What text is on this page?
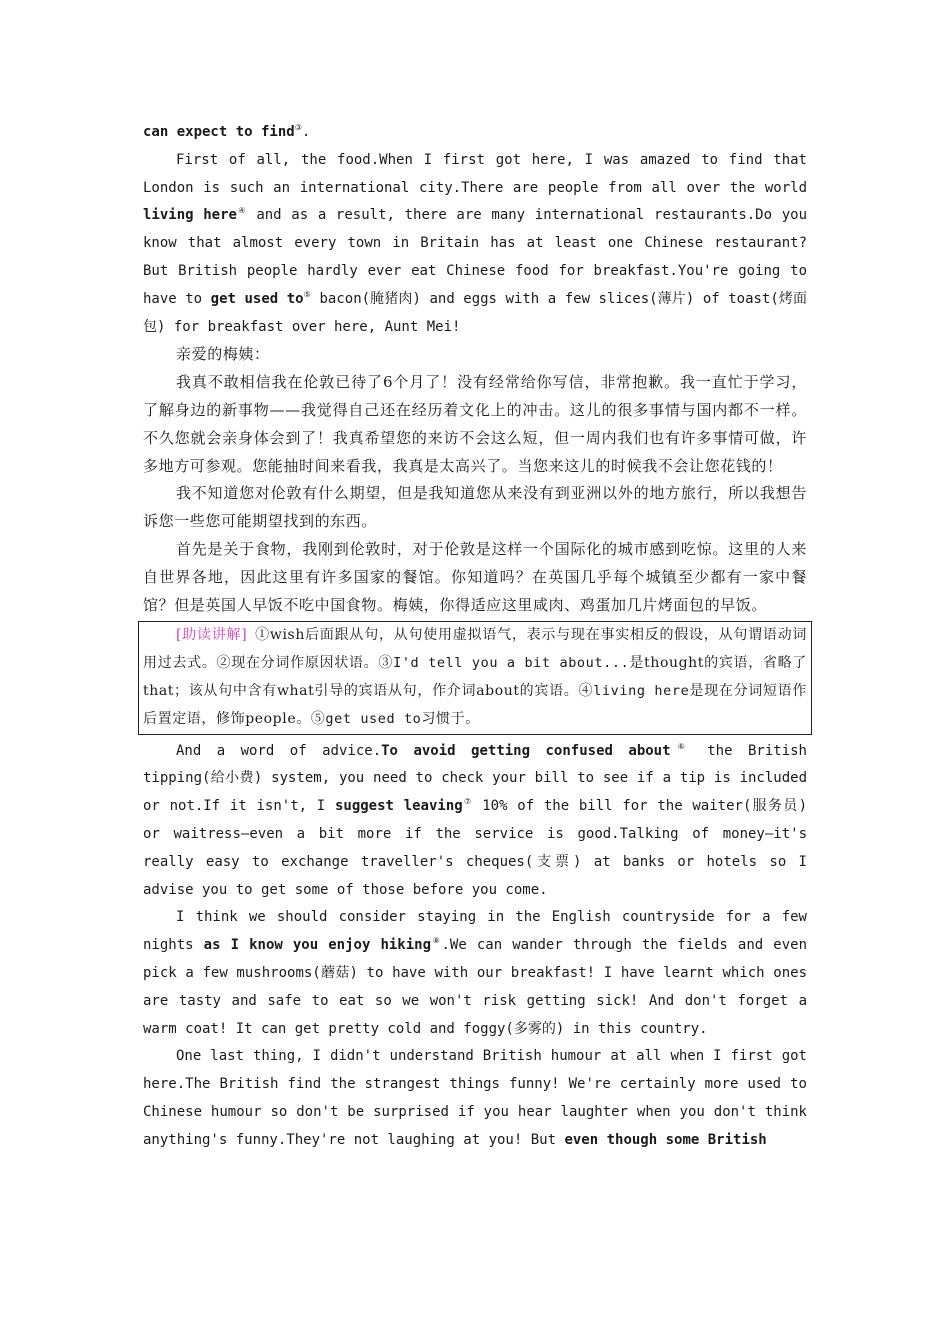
can expect to find③.

First of all, the food.When I first got here, I was amazed to find that London is such an international city.There are people from all over the world living here④ and as a result, there are many international restaurants.Do you know that almost every town in Britain has at least one Chinese restaurant? But British people hardly ever eat Chinese food for breakfast.You're going to have to get used to⑤ bacon(腌猪肉) and eggs with a few slices(薄片) of toast(烤面包) for breakfast over here, Aunt Mei!

亲爱的梅姨：

我真不敢相信我在伦敦已待了6个月了！没有经常给你写信，非常抱歉。我一直忙于学习，了解身边的新事物——我觉得自己还在经历着文化上的冲击。这儿的很多事情与国内都不一样。不久您就会亲身体会到了！我真希望您的来访不会这么短，但一周内我们也有许多事情可做，许多地方可参观。您能抽时间来看我，我真是太高兴了。当您来这儿的时候我不会让您花钱的！

我不知道您对伦敦有什么期望，但是我知道您从来没有到亚洲以外的地方旅行，所以我想告诉您一些您可能期望找到的东西。

首先是关于食物，我刚到伦敦时，对于伦敦是这样一个国际化的城市感到吃惊。这里的人来自世界各地，因此这里有许多国家的餐馆。你知道吗？在英国几乎每个城镇至少都有一家中餐馆？但是英国人早饭不吃中国食物。梅姨，你得适应这里咸肉、鸡蛋加几片烤面包的早饭。

[助读讲解]  ①wish后面跟从句，从句使用虚拟语气，表示与现在事实相反的假设，从句谓语动词用过去式。②现在分词作原因状语。③I'd tell you a bit about...是thought的宾语，省略了that；该从句中含有what引导的宾语从句，作介词about的宾语。④living here是现在分词短语作后置定语，修饰people。⑤get used to习惯于。

And a word of advice.To avoid getting confused about⑥ the British tipping(给小费) system, you need to check your bill to see if a tip is included or not.If it isn't, I suggest leaving⑦ 10% of the bill for the waiter(服务员) or waitress—even a bit more if the service is good.Talking of money—it's really easy to exchange traveller's cheques(支票) at banks or hotels so I advise you to get some of those before you come.

I think we should consider staying in the English countryside for a few nights as I know you enjoy hiking⑧.We can wander through the fields and even pick a few mushrooms(蘑菇) to have with our breakfast! I have learnt which ones are tasty and safe to eat so we won't risk getting sick! And don't forget a warm coat! It can get pretty cold and foggy(多雾的) in this country.

One last thing, I didn't understand British humour at all when I first got here.The British find the strangest things funny! We're certainly more used to Chinese humour so don't be surprised if you hear laughter when you don't think anything's funny.They're not laughing at you! But even though some British
